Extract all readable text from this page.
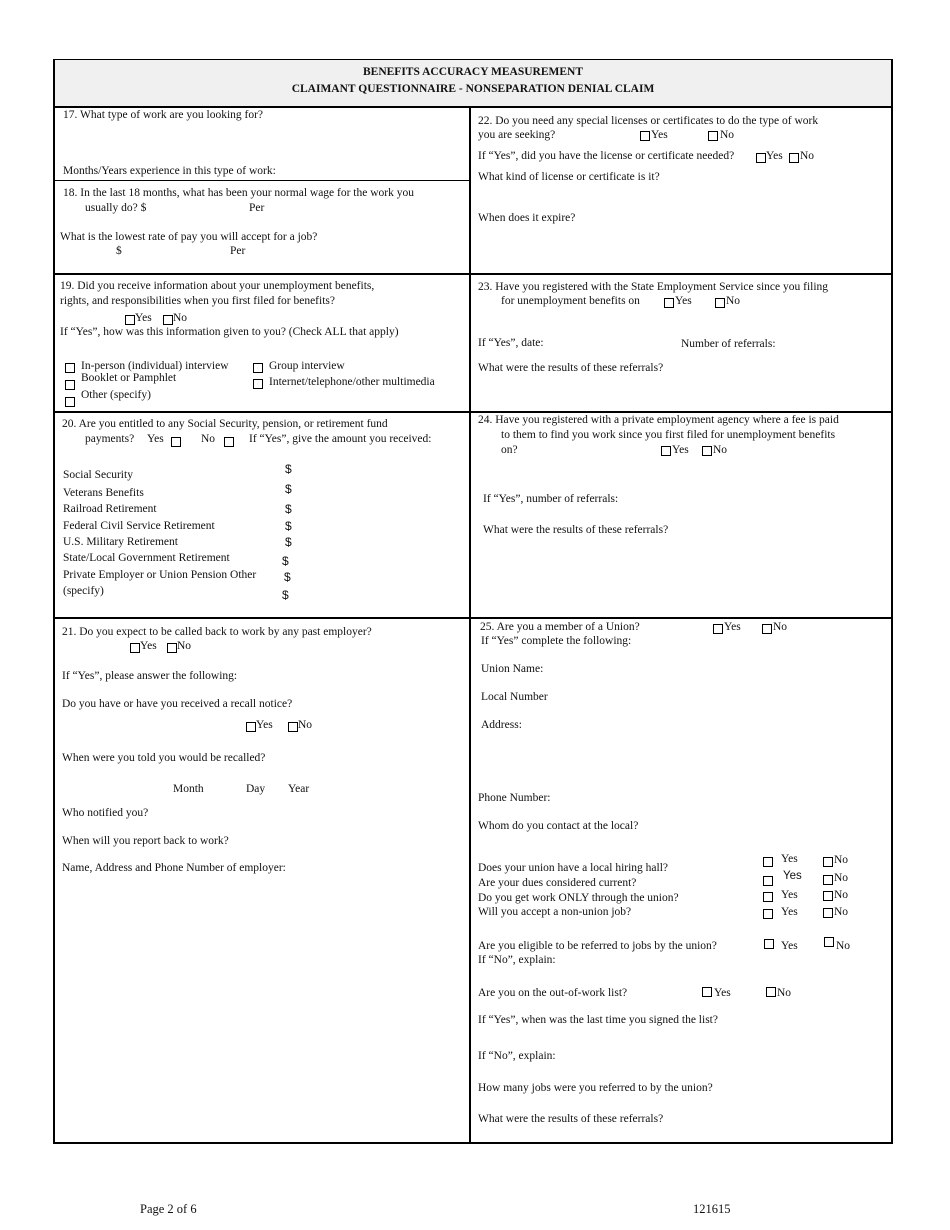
BENEFITS ACCURACY MEASUREMENT
CLAIMANT QUESTIONNAIRE - NONSEPARATION DENIAL CLAIM
17. What type of work are you looking for?
Months/Years experience in this type of work:
18. In the last 18 months, what has been your normal wage for the work you
usually do? $	Per
What is the lowest rate of pay you will accept for a job?
$	Per
19. Did you receive information about your unemployment benefits,
rights, and responsibilities when you first filed for benefits?
Yes No
If “Yes”, how was this information given to you? (Check ALL that apply)
In-person (individual) interview	Group interview
Booklet or Pamphlet	Internet/telephone/other multimedia
Other (specify)
20. Are you entitled to any Social Security, pension, or retirement fund
payments? Yes	No	If “Yes”, give the amount you received:
Social Security	$
Veterans Benefits	$
Railroad Retirement	$
Federal Civil Service Retirement	$
U.S. Military Retirement	$
State/Local Government Retirement	$
Private Employer or Union Pension Other $
(specify)	$
21. Do you expect to be called back to work by any past employer?
Yes No
If “Yes”, please answer the following:
Do you have or have you received a recall notice?
Yes No
When were you told you would be recalled?
Month	Day Year
Who notified you?
When will you report back to work?
Name, Address and Phone Number of employer:
22. Do you need any special licenses or certificates to do the type of work
you are seeking?	Yes	No
If “Yes”, did you have the license or certificate needed?	Yes No
What kind of license or certificate is it?
When does it expire?
23. Have you registered with the State Employment Service since you filing
for unemployment benefits on	Yes	No
If “Yes”, date:	Number of referrals:
What were the results of these referrals?
24. Have you registered with a private employment agency where a fee is paid
to them to find you work since you first filed for unemployment benefits
on?	Yes No
If “Yes”, number of referrals:
What were the results of these referrals?
25. Are you a member of a Union?	Yes	No
If “Yes” complete the following:
Union Name:
Local Number
Address:
Phone Number:
Whom do you contact at the local?
Does your union have a local hiring hall?
Yes	No
Are your dues considered current?
Yes	No
Do you get work ONLY through the union?	Yes	No
Will you accept a non-union job?	Yes	No
Are you eligible to be referred to jobs by the union?	Yes	No
If “No”, explain:
Are you on the out-of-work list?	Yes	No
If “Yes”, when was the last time you signed the list?
If “No”, explain:
How many jobs were you referred to by the union?
What were the results of these referrals?
Page 2 of 6	121615
